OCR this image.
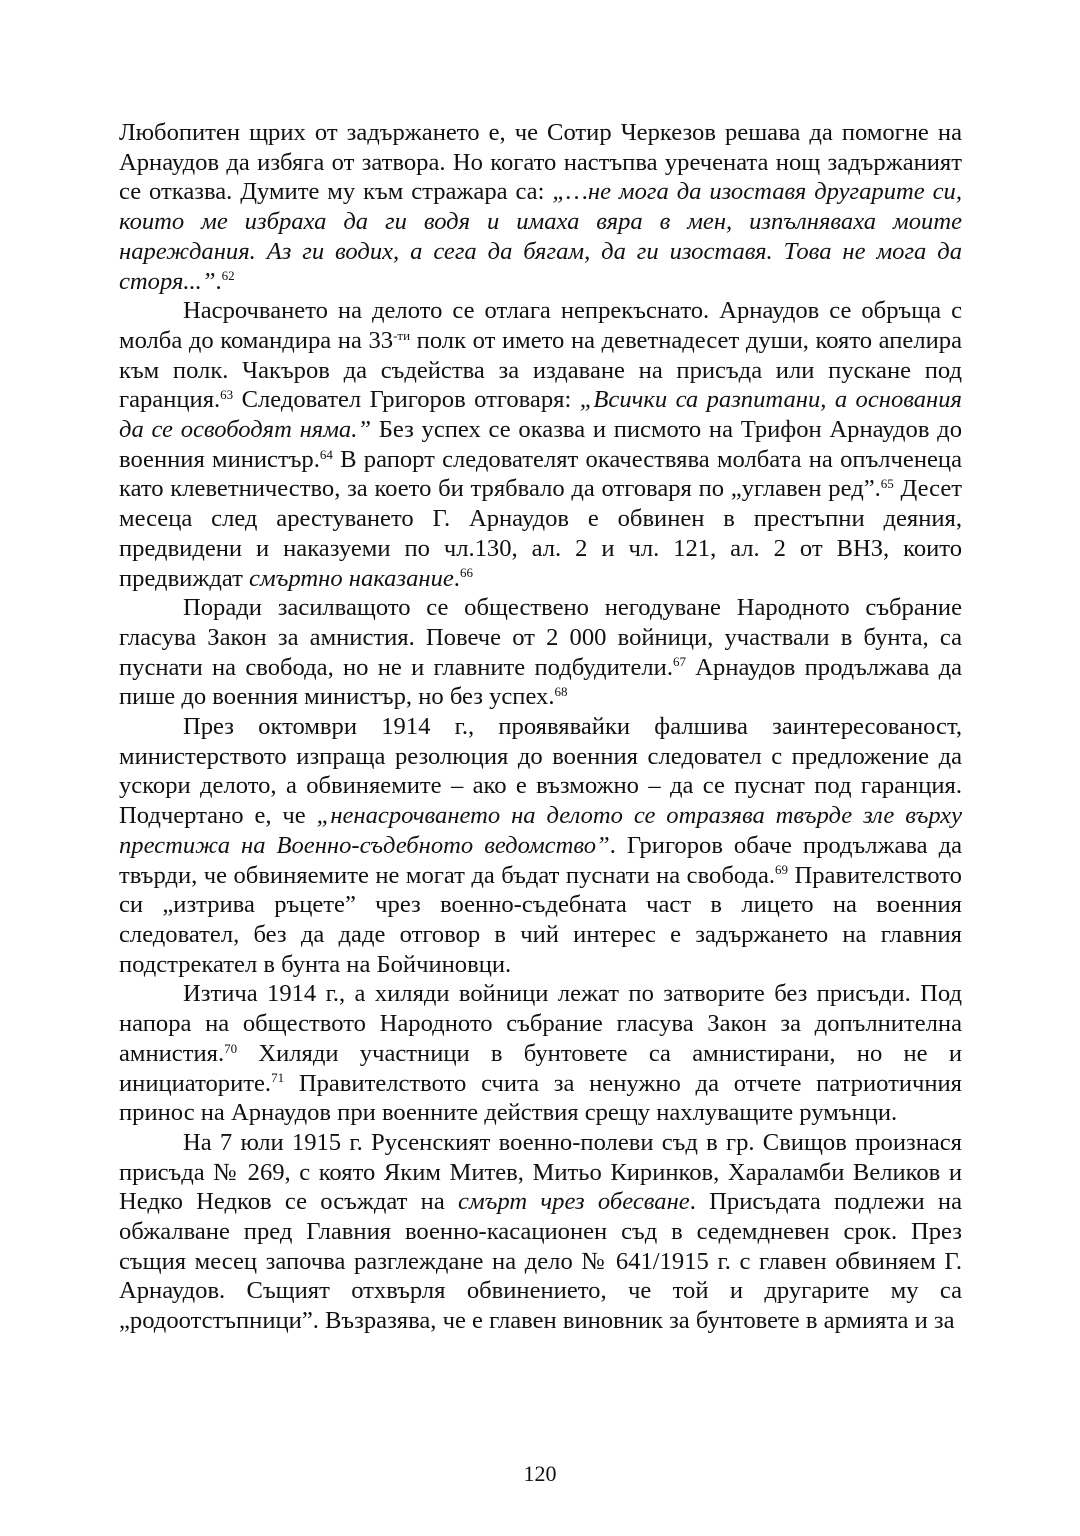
Любопитен щрих от задържането е, че Сотир Черкезов решава да помогне на Арнаудов да избяга от затвора. Но когато настъпва уречената нощ задържаният се отказва. Думите му към стражара са: „…не мога да изоставя другарите си, които ме избраха да ги водя и имаха вяра в мен, изпълняваха моите нареждания. Аз ги водих, а сега да бягам, да ги изоставя. Това не мога да сторя...”.$^{62}$

Насрочването на делото се отлага непрекъснато. Арнаудов се обръща с молба до командира на $33^{-ти}$ полк от името на деветнадесет души, която апелира към полк. Чакъров да съдейства за издаване на присъда или пускане под гаранция.$^{63}$ Следовател Григоров отговаря: „Всички са разпитани, а основания да се освободят няма.” Без успех се оказва и писмото на Трифон Арнаудов до военния министър.$^{64}$ В рапорт следователят окачествява молбата на опълченеца като клеветничество, за което би трябвало да отговаря по „углавен ред”.$^{65}$ Десет месеца след арестуването Г. Арнаудов е обвинен в престъпни деяния, предвидени и наказуеми по чл.130, ал. 2 и чл. 121, ал. 2 от ВНЗ, които предвиждат смъртно наказание.$^{66}$

Поради засилващото се обществено негодуване Народното събрание гласува Закон за амнистия. Повече от 2 000 войници, участвали в бунта, са пуснати на свобода, но не и главните подбудители.$^{67}$ Арнаудов продължава да пише до военния министър, но без успех.$^{68}$

През октомври 1914 г., проявявайки фалшива заинтересованост, министерството изпраща резолюция до военния следовател с предложение да ускори делото, а обвиняемите – ако е възможно – да се пуснат под гаранция. Подчертано е, че „ненасрочването на делото се отразява твърде зле върху престижа на Военно-съдебното ведомство”. Григоров обаче продължава да твърди, че обвиняемите не могат да бъдат пуснати на свобода.$^{69}$ Правителството си „изтрива ръцете” чрез военно-съдебната част в лицето на военния следовател, без да даде отговор в чий интерес е задържането на главния подстрекател в бунта на Бойчиновци.

Изтича 1914 г., а хиляди войници лежат по затворите без присъди. Под напора на обществото Народното събрание гласува Закон за допълнителна амнистия.$^{70}$ Хиляди участници в бунтовете са амнистирани, но не и инициаторите.$^{71}$ Правителството счита за ненужно да отчете патриотичния принос на Арнаудов при военните действия срещу нахлуващите румънци.

На 7 юли 1915 г. Русенският военно-полеви съд в гр. Свищов произнася присъда № 269, с която Яким Митев, Митьо Киринков, Хараламби Великов и Недко Недков се осъждат на смърт чрез обесване. Присъдата подлежи на обжалване пред Главния военно-касационен съд в седемдневен срок. През същия месец започва разглеждане на дело № 641/1915 г. с главен обвиняем Г. Арнаудов. Същият отхвърля обвинението, че той и другарите му са „родоотстъпници”. Възразява, че е главен виновник за бунтовете в армията и за

120
